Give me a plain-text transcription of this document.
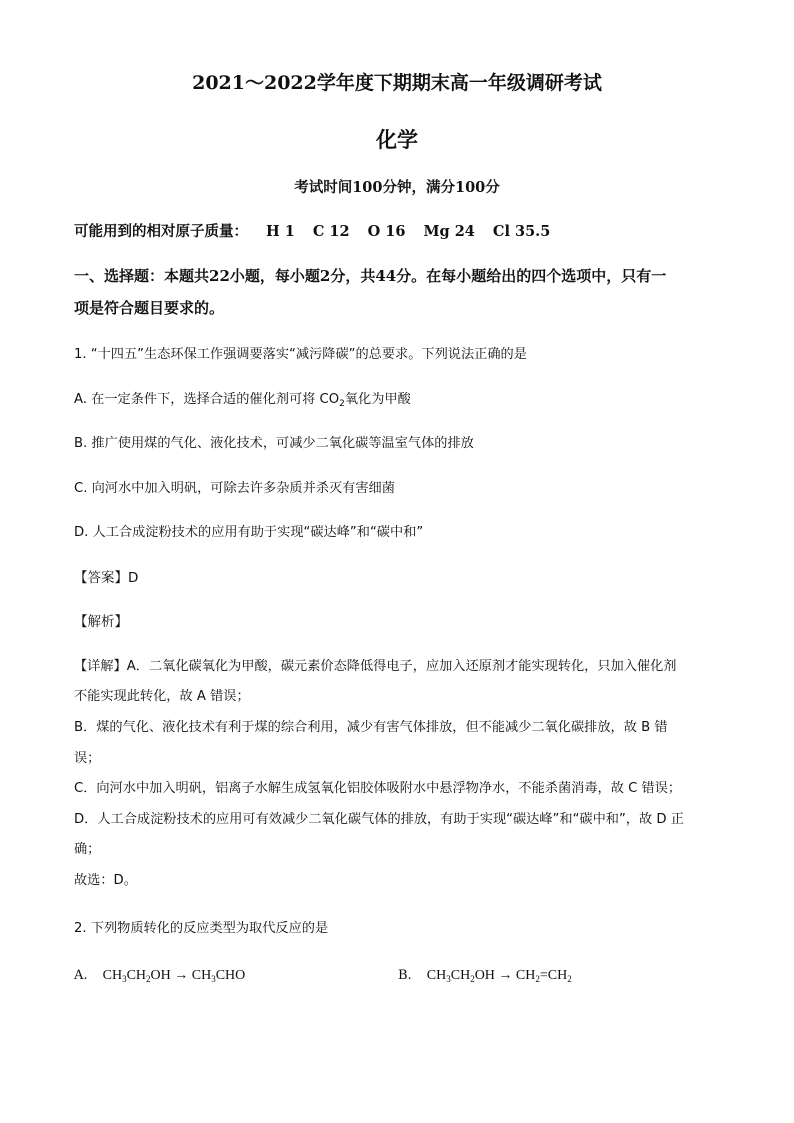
2021～2022学年度下期期末高一年级调研考试
化学
考试时间100分钟，满分100分
可能用到的相对原子质量： H 1 C 12 O 16 Mg 24 Cl 35.5
一、选择题：本题共22小题，每小题2分，共44分。在每小题给出的四个选项中，只有一
项是符合题目要求的。
1. “十四五”生态环保工作强调要落实“减污降碳”的总要求。下列说法正确的是
A. 在一定条件下，选择合适的催化剂可将 $CO_2$氧化为甲酸
B. 推广使用煤的气化、液化技术，可减少二氧化碳等温室气体的排放
C. 向河水中加入明矾，可除去许多杂质并杀灭有害细菌
D. 人工合成淀粉技术的应用有助于实现“碳达峰”和“碳中和”
【答案】D
【解析】
【详解】A．二氧化碳氧化为甲酸，碳元素价态降低得电子，应加入还原剂才能实现转化，只加入催化剂
不能实现此转化，故 A 错误；
B．煤的气化、液化技术有利于煤的综合利用，减少有害气体排放，但不能减少二氧化碳排放，故 B 错
误；
C．向河水中加入明矾，铝离子水解生成氢氧化铝胶体吸附水中悬浮物净水，不能杀菌消毒，故 C 错误；
D．人工合成淀粉技术的应用可有效减少二氧化碳气体的排放，有助于实现“碳达峰”和“碳中和”，故 D 正
确；
故选：D。
2. 下列物质转化的反应类型为取代反应的是
A. $CH_3CH_2OH \to CH_3CHO$	B. $CH_3CH_2OH \to CH_2=CH_2$
